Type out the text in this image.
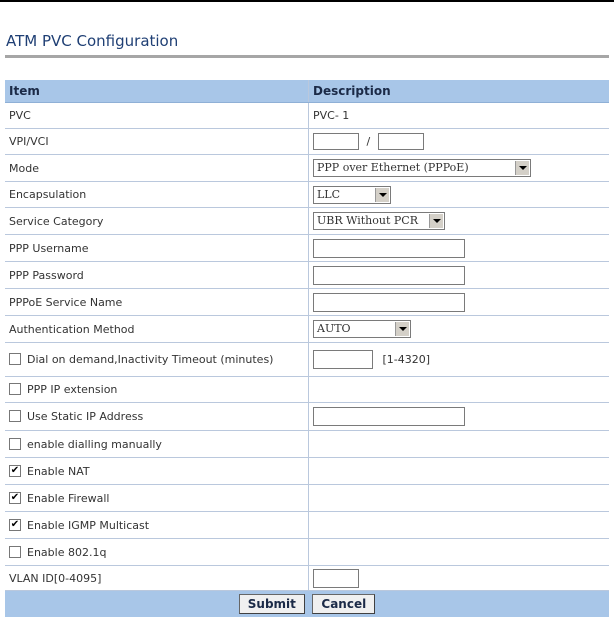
ATM PVC Configuration
Item	Description
PVC	PVC- 1
VPI/VCI	/
Mode	PPP over Ethernet (PPPoE)

Encapsulation	LLC

Service Category	UBR Without PCR

PPP Username	
PPP Password	
PPPoE Service Name	
Authentication Method	AUTO

Dial on demand,Inactivity Timeout (minutes)	[1-4320]
PPP IP extension	
Use Static IP Address	
enable dialling manually	
✔ Enable NAT	
✔ Enable Firewall	
✔ Enable IGMP Multicast	
Enable 802.1q	
VLAN ID[0-4095]	
Submit Cancel	
